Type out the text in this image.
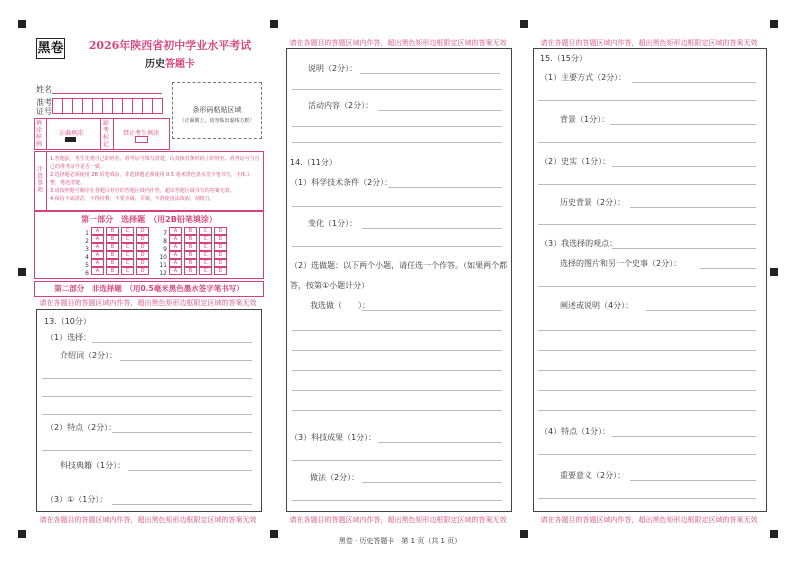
黑卷	2026年陕西省初中学业水平考试
历史答题卡
姓名
准考
证号	条形码粘贴区域
（正面朝上，切勿贴出虚线方框）
填涂样例
正确填涂
缺考标记
禁止考生填涂
注意事项
1.答题前，考生先将自己的姓名、准考证号填写清楚，认真核对条形码上的姓名、准考证号与自己的准考证号是否一致。
2.选择题必须使用 2B 铅笔填涂，非选择题必须使用 0.5 毫米黑色墨水签字笔书写，字体工整，笔迹清楚。
3.请按照题号顺序在各题目对应的答题区域内作答，超出答题区域书写的答案无效。
4.保持卡面清洁，不得折叠，不要弄破、弄皱，不准使用涂改液、刮纸刀。
第一部分　选择题　（用2B铅笔填涂）
1 A B C D
2 A B C D
3 A B C D
4 A B C D
5 A B C D
6 A B C D
7 A B C D
8 A B C D
9 A B C D
10 A B C D
11 A B C D
12 A B C D
第二部分　非选择题　（用0.5毫米黑色墨水签字笔书写）
请在各题目的答题区域内作答，超出黑色矩形边框限定区域的答案无效
13.（10分）
（1）选择：
介绍词（2分）：
（2）特点（2分）：
科技典籍（1分）：
（3）①（1分）：
请在各题目的答题区域内作答，超出黑色矩形边框限定区域的答案无效
请在各题目的答题区域内作答，超出黑色矩形边框限定区域的答案无效
说明（2分）：
活动内容（2分）：
14.（11分）
（1）科学技术条件（2分）：
变化（1分）：
（2）选做题：以下两个小题，请任选一个作答。（如果两个都
答，按第①小题计分）
我选做（　　）：
（3）科技成果（1分）：
做法（2分）：
请在各题目的答题区域内作答，超出黑色矩形边框限定区域的答案无效
请在各题目的答题区域内作答，超出黑色矩形边框限定区域的答案无效
15.（15分）
（1）主要方式（2分）：
背景（1分）：
（2）史实（1分）：
历史背景（2分）：
（3）我选择的观点：
选择的图片和另一个史事（2分）：
阐述或说明（4分）：
（4）特点（1分）：
重要意义（2分）：
请在各题目的答题区域内作答，超出黑色矩形边框限定区域的答案无效
黑卷 · 历史答题卡　第 1 页（共 1 页）
